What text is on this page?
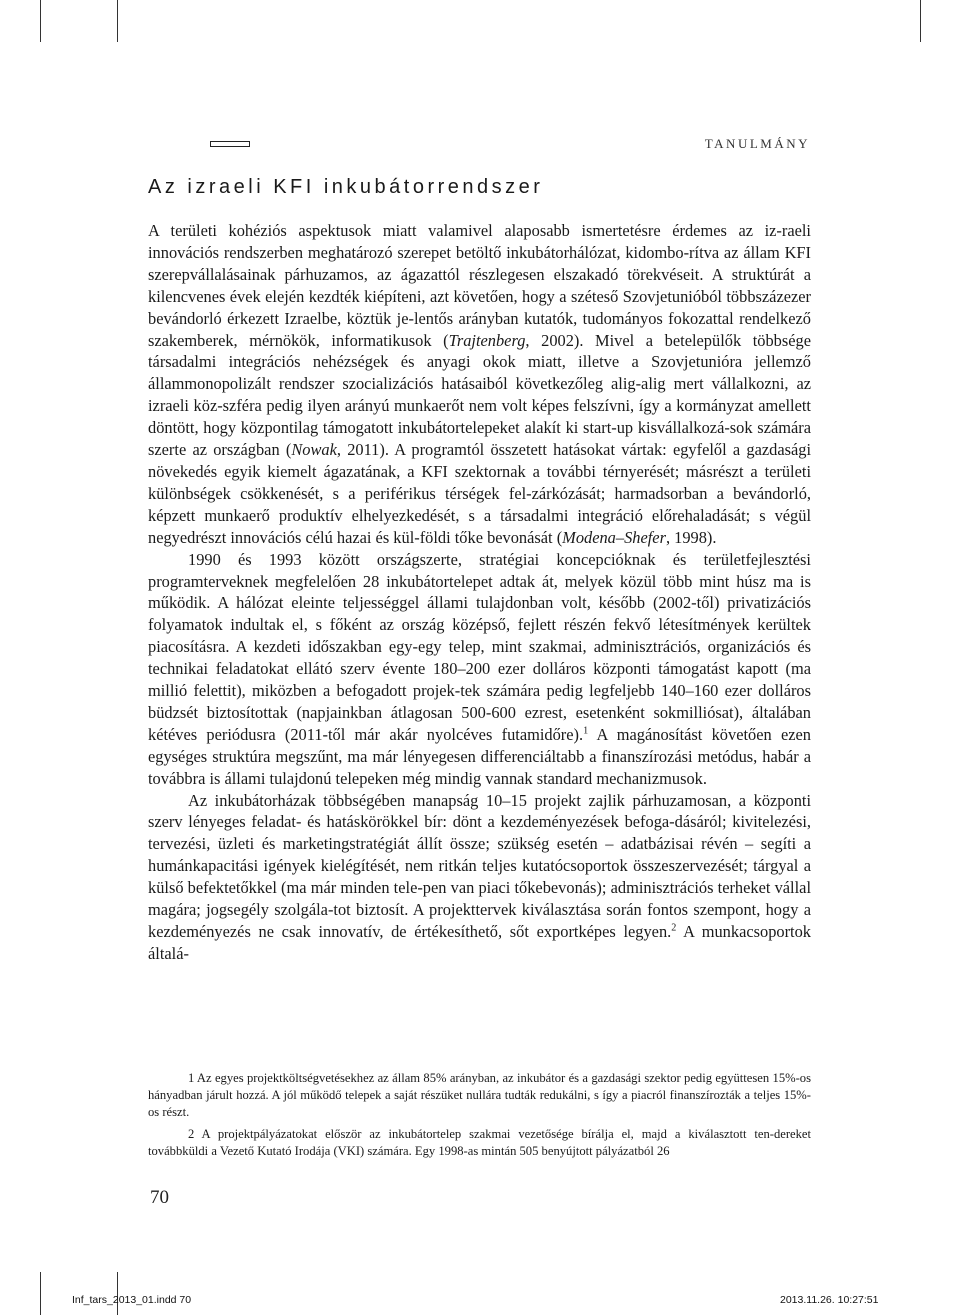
TANULMÁNY
Az izraeli KFI inkubátorrendszer

A területi kohéziós aspektusok miatt valamivel alaposabb ismertetésre érdemes az iz-raeli innovációs rendszerben meghatározó szerepet betöltő inkubátorhálózat, kidombo-rítva az állam KFI szerepvállalásainak párhuzamos, az ágazattól részlegesen elszakadó törekvéseit. A struktúrát a kilencvenes évek elején kezdték kiépíteni, azt követően, hogy a széteső Szovjetunióból többszázezer bevándorló érkezett Izraelbe, köztük je-lentős arányban kutatók, tudományos fokozattal rendelkező szakemberek, mérnökök, informatikusok (Trajtenberg, 2002). Mivel a betelepülők többsége társadalmi integrációs nehézségek és anyagi okok miatt, illetve a Szovjetunióra jellemző állammonopolizált rendszer szocializációs hatásaiból következőleg alig-alig mert vállalkozni, az izraeli köz-szféra pedig ilyen arányú munkaerőt nem volt képes felszívni, így a kormányzat amellett döntött, hogy központilag támogatott inkubátortelepeket alakít ki start-up kisvállalkozá-sok számára szerte az országban (Nowak, 2011). A programtól összetett hatásokat vártak: egyfelől a gazdasági növekedés egyik kiemelt ágazatának, a KFI szektornak a további térnyerését; másrészt a területi különbségek csökkenését, s a periférikus térségek fel-zárkózását; harmadsorban a bevándorló, képzett munkaerő produktív elhelyezkedését, s a társadalmi integráció előrehaladását; s végül negyedrészt innovációs célú hazai és kül-földi tőke bevonását (Modena–Shefer, 1998).

1990 és 1993 között országszerte, stratégiai koncepcióknak és területfejlesztési programterveknek megfelelően 28 inkubátortelepet adtak át, melyek közül több mint húsz ma is működik. A hálózat eleinte teljességgel állami tulajdonban volt, később (2002-től) privatizációs folyamatok indultak el, s főként az ország középső, fejlett részén fekvő létesítmények kerültek piacosításra. A kezdeti időszakban egy-egy telep, mint szakmai, adminisztrációs, organizációs és technikai feladatokat ellátó szerv évente 180–200 ezer dolláros központi támogatást kapott (ma millió felettit), miközben a befogadott projek-tek számára pedig legfeljebb 140–160 ezer dolláros büdzsét biztosítottak (napjainkban átlagosan 500-600 ezrest, esetenként sokmilliósat), általában kétéves periódusra (2011-től már akár nyolcéves futamidőre).$^1$ A magánosítást követően ezen egységes struktúra megszűnt, ma már lényegesen differenciáltabb a finanszírozási metódus, habár a továbbra is állami tulajdonú telepeken még mindig vannak standard mechanizmusok.

Az inkubátorházak többségében manapság 10–15 projekt zajlik párhuzamosan, a központi szerv lényeges feladat- és hatáskörökkel bír: dönt a kezdeményezések befoga-dásáról; kivitelezési, tervezési, üzleti és marketingstratégiát állít össze; szükség esetén – adatbázisai révén – segíti a humánkapacitási igények kielégítését, nem ritkán teljes kutatócsoportok összeszervezését; tárgyal a külső befektetőkkel (ma már minden tele-pen van piaci tőkebevonás); adminisztrációs terheket vállal magára; jogsegély szolgála-tot biztosít. A projekttervek kiválasztása során fontos szempont, hogy a kezdeményezés ne csak innovatív, de értékesíthető, sőt exportképes legyen.$^2$ A munkacsoportok általá-

1 Az egyes projektköltségvetésekhez az állam 85% arányban, az inkubátor és a gazdasági szektor pedig együttesen 15%-os hányadban járult hozzá. A jól működő telepek a saját részüket nullára tudták redukálni, s így a piacról finanszírozták a teljes 15%-os részt.

2 A projektpályázatokat először az inkubátortelep szakmai vezetősége bírálja el, majd a kiválasztott ten-dereket továbbküldi a Vezető Kutató Irodája (VKI) számára. Egy 1998-as mintán 505 benyújtott pályázatból 26

70
Inf_tars_2013_01.indd 70	2013.11.26. 10:27:51
